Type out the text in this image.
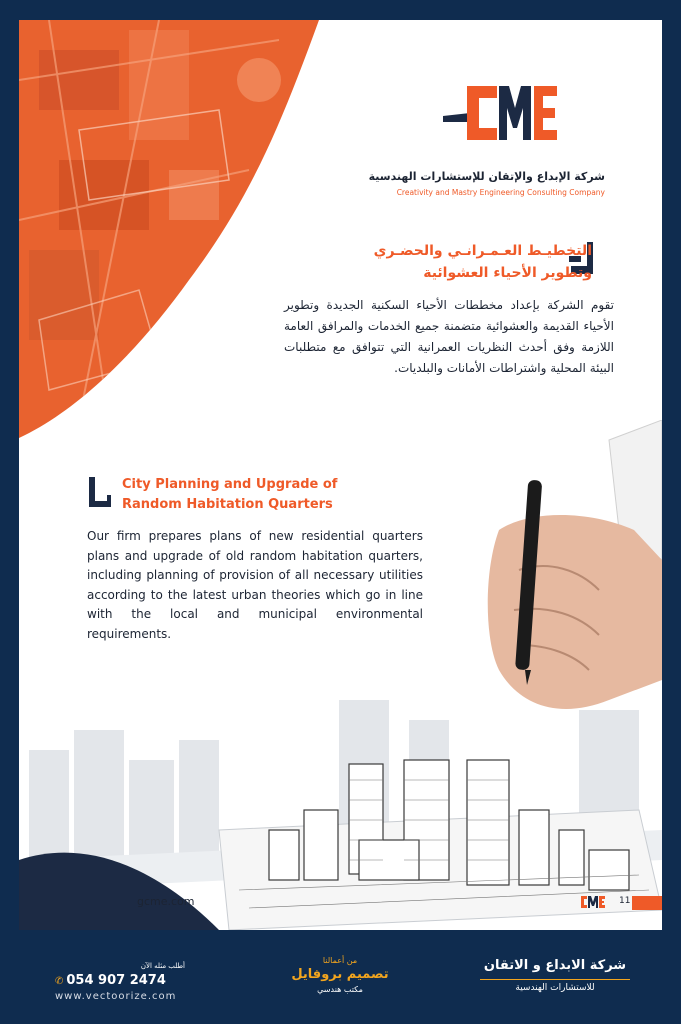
شركة الإبداع والإتقان للإستشارات الهندسية
Creativity and Mastry Engineering Consulting Company
التخطيـط العـمـرانـي والحضـري
وتطوير الأحياء العشوائية
تقوم الشركة بإعداد مخططات الأحياء السكنية الجديدة وتطوير الأحياء القديمة والعشوائية متضمنة جميع الخدمات والمرافق العامة اللازمة وفق أحدث النظريات العمرانية التي تتوافق مع متطلبات البيئة المحلية واشتراطات الأمانات والبلديات.
City Planning and Upgrade of
Random Habitation Quarters
Our firm prepares plans of new residential quarters plans and upgrade of old random habitation quarters, including planning of provision of all necessary utilities according to the latest urban theories which go in line with the local and municipal environmental requirements.
gcme.com	11
أطلب مثله الآن
✆ 054 907 2474
www.vectoorize.com
من أعمالنا
تصميم بروفايل
مكتب هندسي
شركة الابداع و الاتقان
للاستشارات الهندسية
